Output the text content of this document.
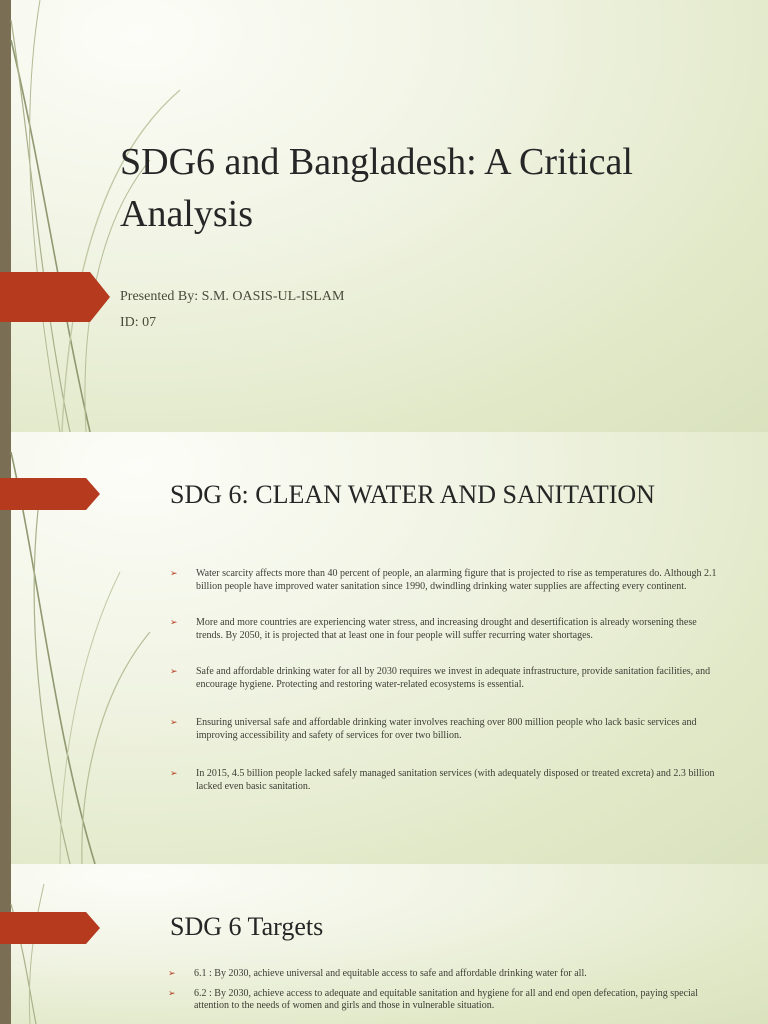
SDG6 and Bangladesh: A Critical Analysis

Presented By: S.M. OASIS-UL-ISLAM

ID: 07

SDG 6: CLEAN WATER AND SANITATION
➢ Water scarcity affects more than 40 percent of people, an alarming figure that is projected to rise as temperatures do. Although 2.1 billion people have improved water sanitation since 1990, dwindling drinking water supplies are affecting every continent.
➢ More and more countries are experiencing water stress, and increasing drought and desertification is already worsening these trends. By 2050, it is projected that at least one in four people will suffer recurring water shortages.
➢ Safe and affordable drinking water for all by 2030 requires we invest in adequate infrastructure, provide sanitation facilities, and encourage hygiene. Protecting and restoring water-related ecosystems is essential.
➢ Ensuring universal safe and affordable drinking water involves reaching over 800 million people who lack basic services and improving accessibility and safety of services for over two billion.
➢ In 2015, 4.5 billion people lacked safely managed sanitation services (with adequately disposed or treated excreta) and 2.3 billion lacked even basic sanitation.
SDG 6 Targets
➢ 6.1 : By 2030, achieve universal and equitable access to safe and affordable drinking water for all.
➢ 6.2 : By 2030, achieve access to adequate and equitable sanitation and hygiene for all and end open defecation, paying special attention to the needs of women and girls and those in vulnerable situation.
